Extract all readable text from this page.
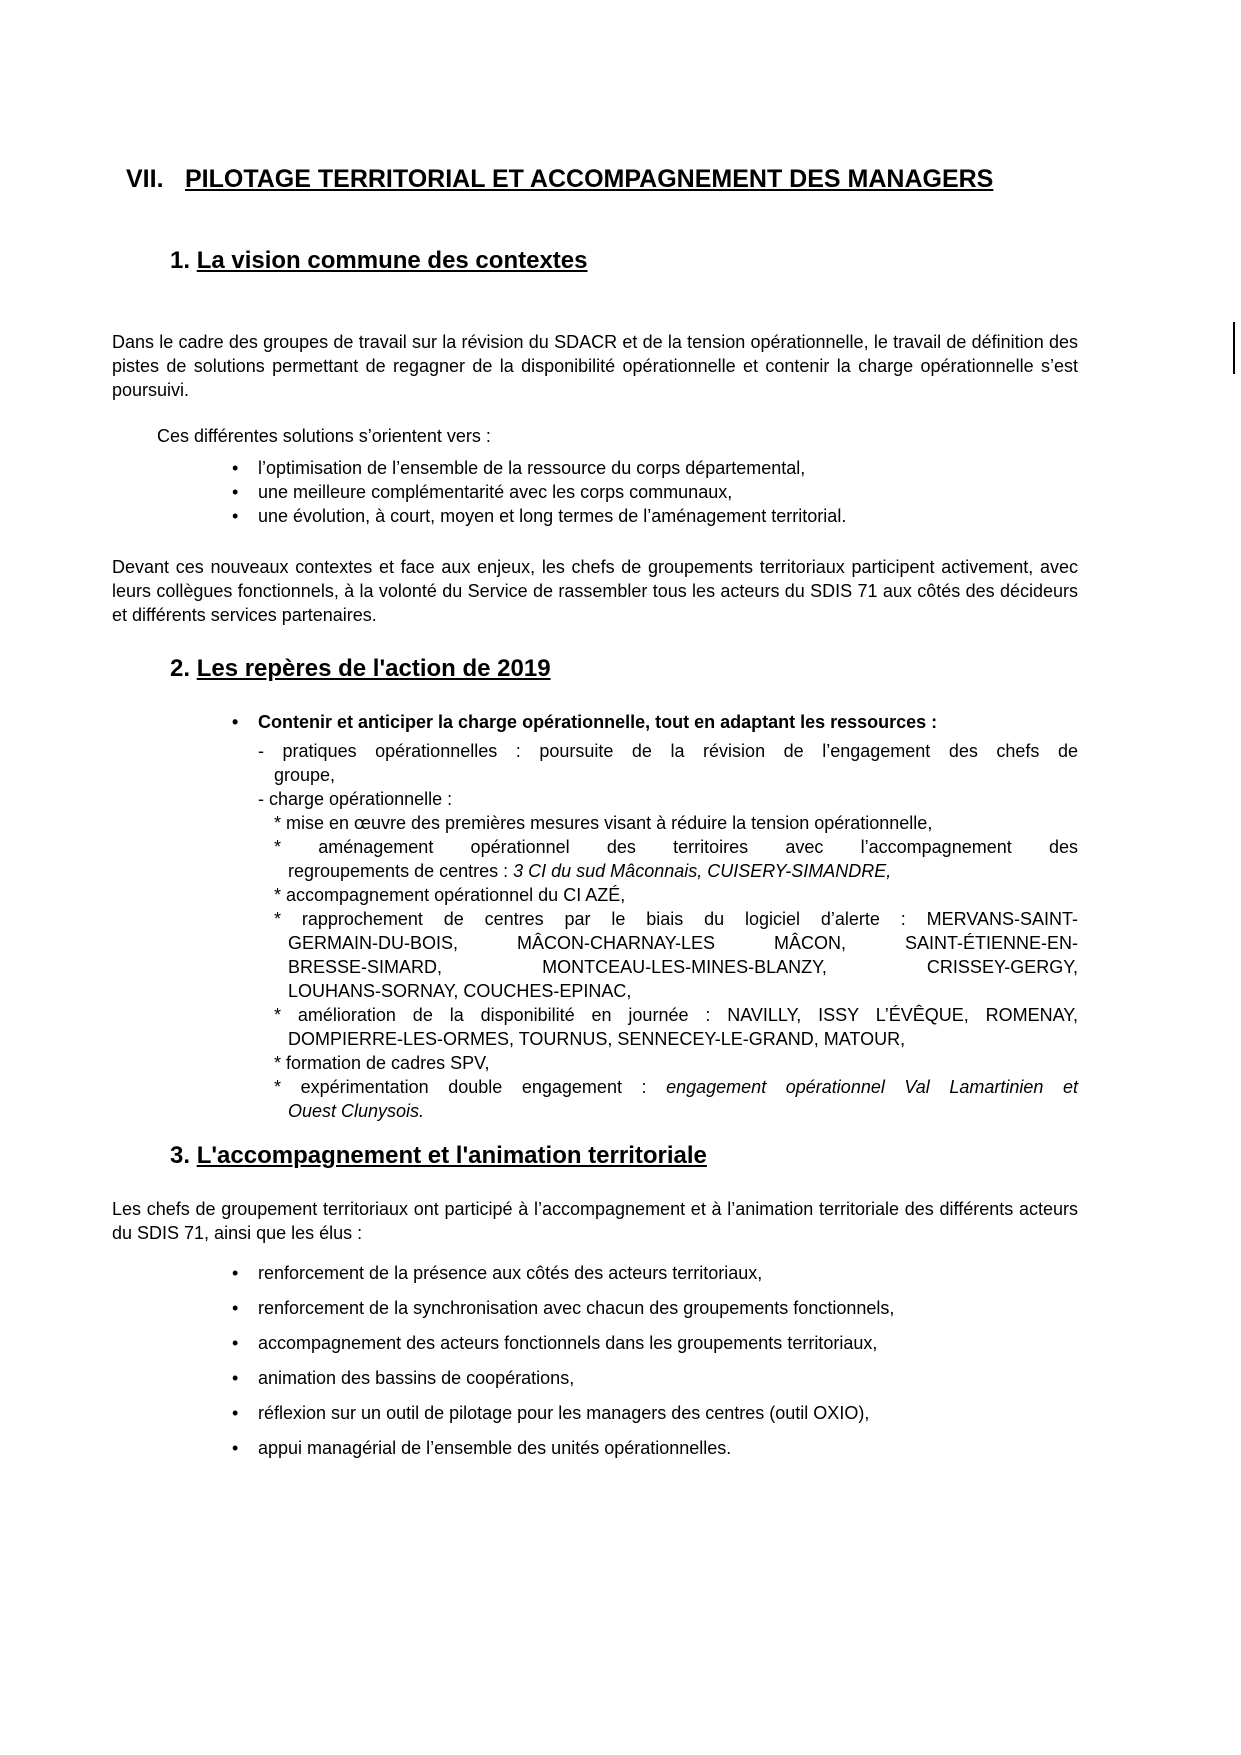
VII. PILOTAGE TERRITORIAL ET ACCOMPAGNEMENT DES MANAGERS
1. La vision commune des contextes

Dans le cadre des groupes de travail sur la révision du SDACR et de la tension opérationnelle, le travail de définition des pistes de solutions permettant de regagner de la disponibilité opérationnelle et contenir la charge opérationnelle s’est poursuivi.

Ces différentes solutions s’orientent vers :

• l’optimisation de l’ensemble de la ressource du corps départemental,
• une meilleure complémentarité avec les corps communaux,
• une évolution, à court, moyen et long termes de l’aménagement territorial.

Devant ces nouveaux contextes et face aux enjeux, les chefs de groupements territoriaux participent activement, avec leurs collègues fonctionnels, à la volonté du Service de rassembler tous les acteurs du SDIS 71 aux côtés des décideurs et différents services partenaires.

2. Les repères de l'action de 2019
• Contenir et anticiper la charge opérationnelle, tout en adaptant les ressources :
- pratiques opérationnelles : poursuite de la révision de l’engagement des chefs de
groupe,
- charge opérationnelle :
* mise en œuvre des premières mesures visant à réduire la tension opérationnelle,
* aménagement opérationnel des territoires avec l’accompagnement des
regroupements de centres : 3 CI du sud Mâconnais, CUISERY-SIMANDRE,
* accompagnement opérationnel du CI AZÉ,
* rapprochement de centres par le biais du logiciel d’alerte : MERVANS-SAINT-
GERMAIN-DU-BOIS, MÂCON-CHARNAY-LES MÂCON, SAINT-ÉTIENNE-EN-
BRESSE-SIMARD, MONTCEAU-LES-MINES-BLANZY, CRISSEY-GERGY,
LOUHANS-SORNAY, COUCHES-EPINAC,
* amélioration de la disponibilité en journée : NAVILLY, ISSY L’ÉVÊQUE, ROMENAY,
DOMPIERRE-LES-ORMES, TOURNUS, SENNECEY-LE-GRAND, MATOUR,
* formation de cadres SPV,
* expérimentation double engagement : engagement opérationnel Val Lamartinien et
Ouest Clunysois.
3. L'accompagnement et l'animation territoriale

Les chefs de groupement territoriaux ont participé à l’accompagnement et à l’animation territoriale des différents acteurs du SDIS 71, ainsi que les élus :

• renforcement de la présence aux côtés des acteurs territoriaux,
• renforcement de la synchronisation avec chacun des groupements fonctionnels,
• accompagnement des acteurs fonctionnels dans les groupements territoriaux,
• animation des bassins de coopérations,
• réflexion sur un outil de pilotage pour les managers des centres (outil OXIO),
• appui managérial de l’ensemble des unités opérationnelles.
